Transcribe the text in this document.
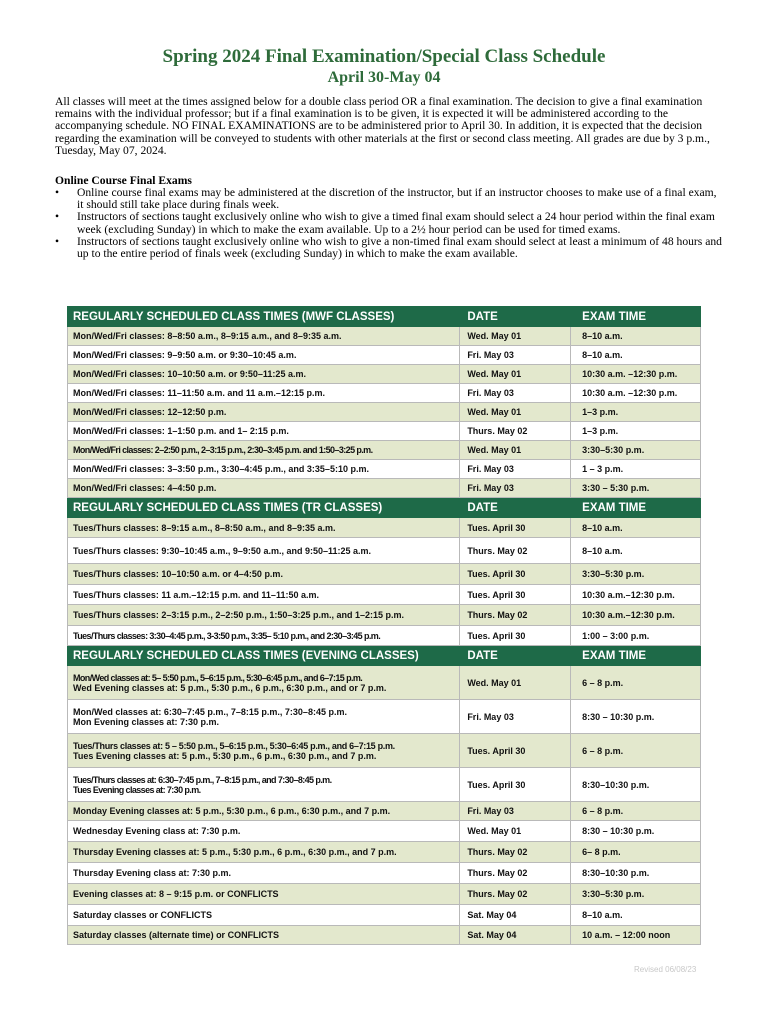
Spring 2024 Final Examination/Special Class Schedule
April 30-May 04

All classes will meet at the times assigned below for a double class period OR a final examination. The decision to give a final examination remains with the individual professor; but if a final examination is to be given, it is expected it will be administered according to the accompanying schedule. NO FINAL EXAMINATIONS are to be administered prior to April 30. In addition, it is expected that the decision regarding the examination will be conveyed to students with other materials at the first or second class meeting. All grades are due by 3 p.m., Tuesday, May 07, 2024.

Online Course Final Exams
• Online course final exams may be administered at the discretion of the instructor, but if an instructor chooses to make use of a final exam, it should still take place during finals week.
• Instructors of sections taught exclusively online who wish to give a timed final exam should select a 24 hour period within the final exam week (excluding Sunday) in which to make the exam available. Up to a 2½ hour period can be used for timed exams.
• Instructors of sections taught exclusively online who wish to give a non-timed final exam should select at least a minimum of 48 hours and up to the entire period of finals week (excluding Sunday) in which to make the exam available.
REGULARLY SCHEDULED CLASS TIMES (MWF CLASSES)	DATE	EXAM TIME
Mon/Wed/Fri classes: 8–8:50 a.m., 8–9:15 a.m., and 8–9:35 a.m.	Wed. May 01	8–10 a.m.
Mon/Wed/Fri classes: 9–9:50 a.m. or 9:30–10:45 a.m.	Fri. May 03	8–10 a.m.
Mon/Wed/Fri classes: 10–10:50 a.m. or 9:50–11:25 a.m.	Wed. May 01	10:30 a.m. –12:30 p.m.
Mon/Wed/Fri classes: 11–11:50 a.m. and 11 a.m.–12:15 p.m.	Fri. May 03	10:30 a.m. –12:30 p.m.
Mon/Wed/Fri classes: 12–12:50 p.m.	Wed. May 01	1–3 p.m.
Mon/Wed/Fri classes: 1–1:50 p.m. and 1– 2:15 p.m.	Thurs. May 02	1–3 p.m.
Mon/Wed/Fri classes: 2–2:50 p.m., 2–3:15 p.m., 2:30–3:45 p.m. and 1:50–3:25 p.m.	Wed. May 01	3:30–5:30 p.m.
Mon/Wed/Fri classes: 3–3:50 p.m., 3:30–4:45 p.m., and 3:35–5:10 p.m.	Fri. May 03	1 – 3 p.m.
Mon/Wed/Fri classes: 4–4:50 p.m.	Fri. May 03	3:30 – 5:30 p.m.
REGULARLY SCHEDULED CLASS TIMES (TR CLASSES)	DATE	EXAM TIME
Tues/Thurs classes: 8–9:15 a.m., 8–8:50 a.m., and 8–9:35 a.m.	Tues. April 30	8–10 a.m.
Tues/Thurs classes: 9:30–10:45 a.m., 9–9:50 a.m., and 9:50–11:25 a.m.	Thurs. May 02	8–10 a.m.
Tues/Thurs classes: 10–10:50 a.m. or 4–4:50 p.m.	Tues. April 30	3:30–5:30 p.m.
Tues/Thurs classes: 11 a.m.–12:15 p.m. and 11–11:50 a.m.	Tues. April 30	10:30 a.m.–12:30 p.m.
Tues/Thurs classes: 2–3:15 p.m., 2–2:50 p.m., 1:50–3:25 p.m., and 1–2:15 p.m.	Thurs. May 02	10:30 a.m.–12:30 p.m.
Tues/Thurs classes: 3:30–4:45 p.m., 3-3:50 p.m., 3:35– 5:10 p.m., and 2:30–3:45 p.m.	Tues. April 30	1:00 – 3:00 p.m.
REGULARLY SCHEDULED CLASS TIMES (EVENING CLASSES)	DATE	EXAM TIME

Mon/Wed classes at: 5– 5:50 p.m., 5–6:15 p.m., 5:30–6:45 p.m., and 6–7:15 p.m.
Wed Evening classes at: 5 p.m., 5:30 p.m., 6 p.m., 6:30 p.m., and or 7 p.m.	Wed. May 01	6 – 8 p.m.

Mon/Wed classes at: 6:30–7:45 p.m., 7–8:15 p.m., 7:30–8:45 p.m.
Mon Evening classes at: 7:30 p.m.	Fri. May 03	8:30 – 10:30 p.m.

Tues/Thurs classes at: 5 – 5:50 p.m., 5–6:15 p.m., 5:30–6:45 p.m., and 6–7:15 p.m.
Tues Evening classes at: 5 p.m., 5:30 p.m., 6 p.m., 6:30 p.m., and 7 p.m.	Tues. April 30	6 – 8 p.m.

Tues/Thurs classes at: 6:30–7:45 p.m., 7–8:15 p.m., and 7:30–8:45 p.m.
Tues Evening classes at: 7:30 p.m.	Tues. April 30	8:30–10:30 p.m.
Monday Evening classes at: 5 p.m., 5:30 p.m., 6 p.m., 6:30 p.m., and 7 p.m.	Fri. May 03	6 – 8 p.m.
Wednesday Evening class at: 7:30 p.m.	Wed. May 01	8:30 – 10:30 p.m.
Thursday Evening classes at: 5 p.m., 5:30 p.m., 6 p.m., 6:30 p.m., and 7 p.m.	Thurs. May 02	6– 8 p.m.
Thursday Evening class at: 7:30 p.m.	Thurs. May 02	8:30–10:30 p.m.
Evening classes at: 8 – 9:15 p.m. or CONFLICTS	Thurs. May 02	3:30–5:30 p.m.
Saturday classes or CONFLICTS	Sat. May 04	8–10 a.m.
Saturday classes (alternate time) or CONFLICTS	Sat. May 04	10 a.m. – 12:00 noon
Revised 06/08/23
